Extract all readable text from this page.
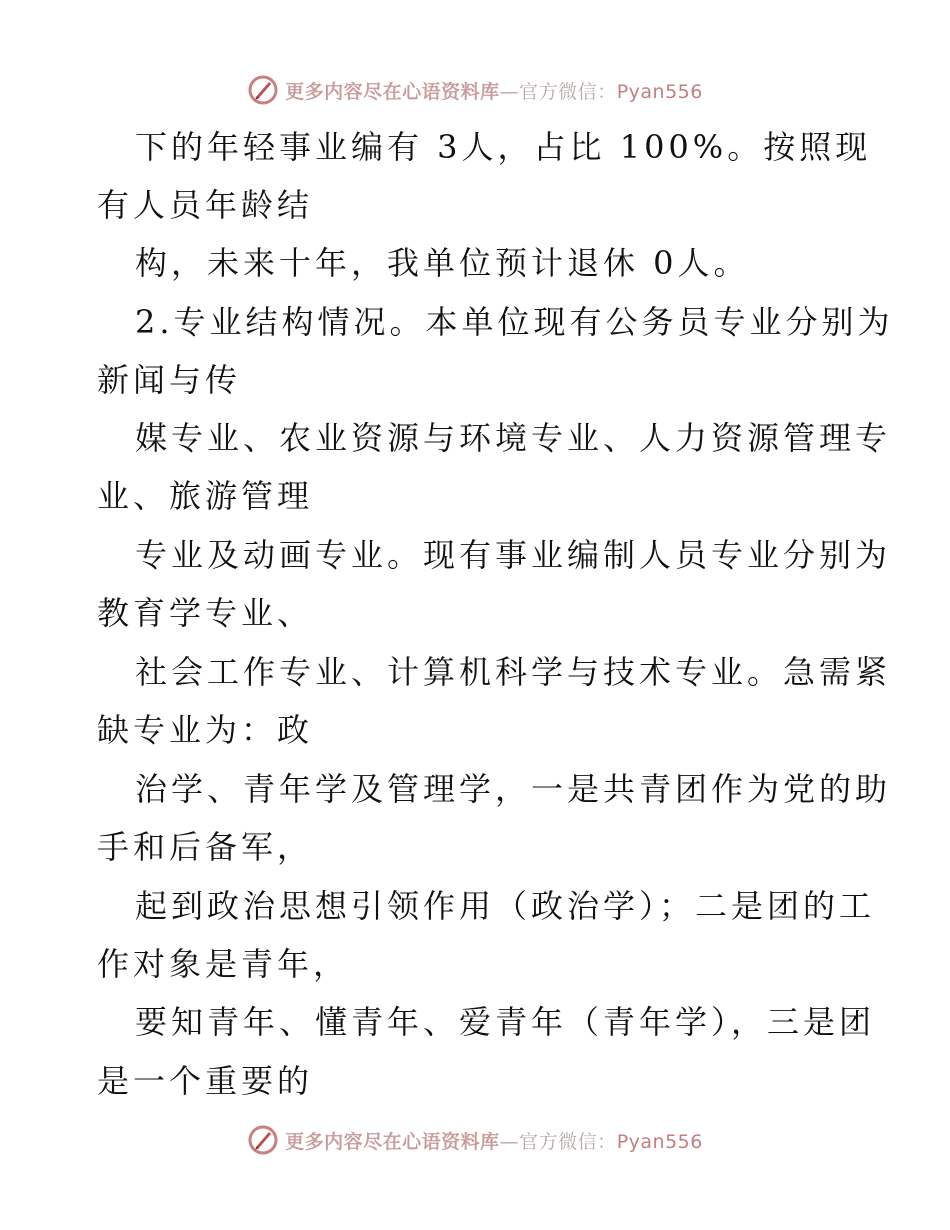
更多内容尽在心语资料库—官方微信：Pyan556
下的年轻事业编有 3人，占比 100%。按照现
有人员年龄结
构，未来十年，我单位预计退休 0人。
2.专业结构情况。本单位现有公务员专业分别为
新闻与传
媒专业、农业资源与环境专业、人力资源管理专
业、旅游管理
专业及动画专业。现有事业编制人员专业分别为
教育学专业、
社会工作专业、计算机科学与技术专业。急需紧
缺专业为：政
治学、青年学及管理学，一是共青团作为党的助
手和后备军，
起到政治思想引领作用（政治学）；二是团的工
作对象是青年，
要知青年、懂青年、爱青年（青年学），三是团
是一个重要的
更多内容尽在心语资料库—官方微信：Pyan556
